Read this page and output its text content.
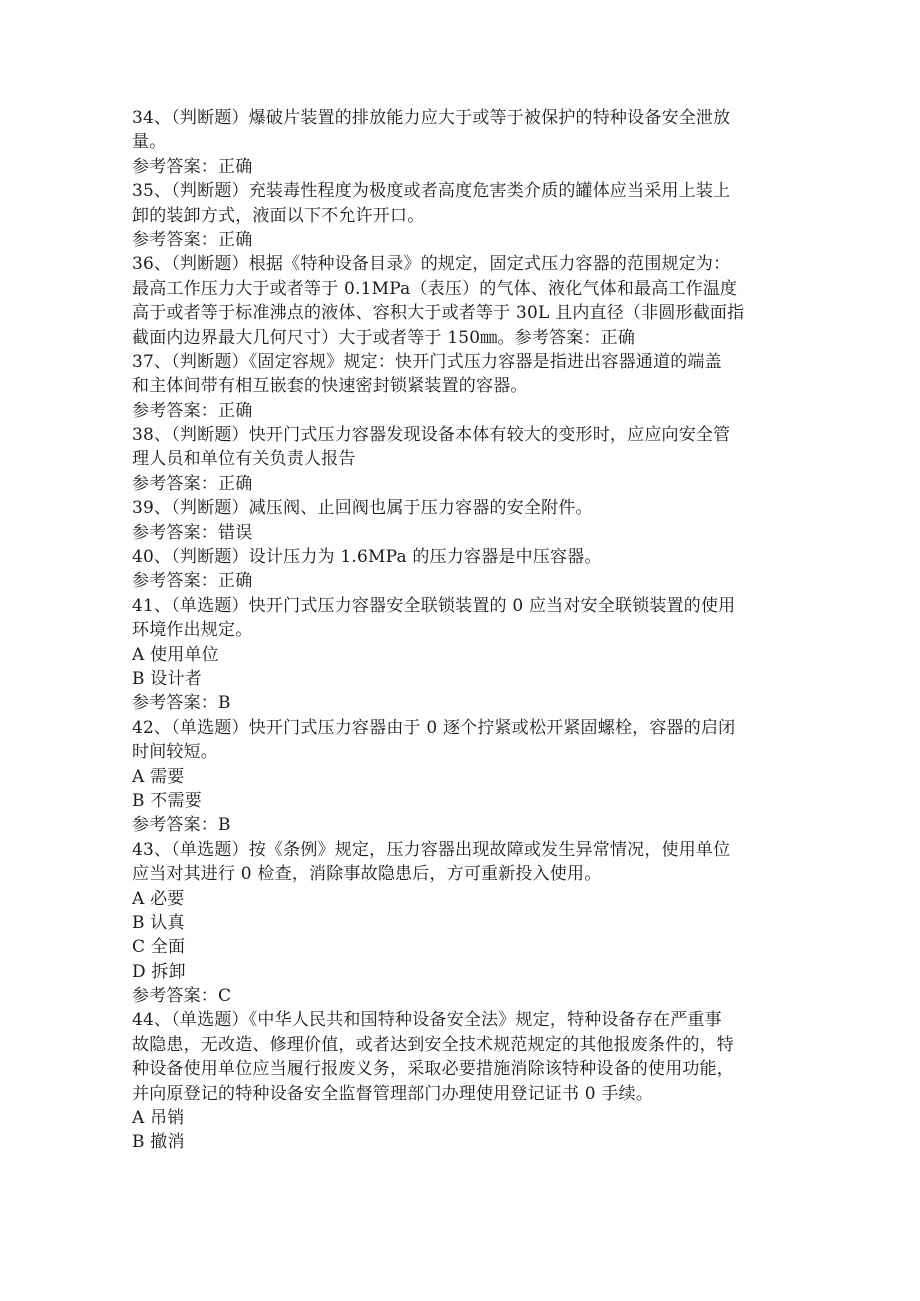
34、（判断题）爆破片装置的排放能力应大于或等于被保护的特种设备安全泄放
量。
参考答案：正确
35、（判断题）充装毒性程度为极度或者高度危害类介质的罐体应当采用上装上
卸的装卸方式，液面以下不允许开口。
参考答案：正确
36、（判断题）根据《特种设备目录》的规定，固定式压力容器的范围规定为：
最高工作压力大于或者等于 0.1MPa（表压）的气体、液化气体和最高工作温度
高于或者等于标准沸点的液体、容积大于或者等于 30L 且内直径（非圆形截面指
截面内边界最大几何尺寸）大于或者等于 150㎜。参考答案：正确
37、（判断题）《固定容规》规定：快开门式压力容器是指进出容器通道的端盖
和主体间带有相互嵌套的快速密封锁紧装置的容器。
参考答案：正确
38、（判断题）快开门式压力容器发现设备本体有较大的变形时，应应向安全管
理人员和单位有关负责人报告
参考答案：正确
39、（判断题）减压阀、止回阀也属于压力容器的安全附件。
参考答案：错误
40、（判断题）设计压力为 1.6MPa 的压力容器是中压容器。
参考答案：正确
41、（单选题）快开门式压力容器安全联锁装置的 0 应当对安全联锁装置的使用
环境作出规定。
A 使用单位
B 设计者
参考答案：B
42、（单选题）快开门式压力容器由于 0 逐个拧紧或松开紧固螺栓，容器的启闭
时间较短。
A 需要
B 不需要
参考答案：B
43、（单选题）按《条例》规定，压力容器出现故障或发生异常情况，使用单位
应当对其进行 0 检查，消除事故隐患后，方可重新投入使用。
A 必要
B 认真
C 全面
D 拆卸
参考答案：C
44、（单选题）《中华人民共和国特种设备安全法》规定，特种设备存在严重事
故隐患，无改造、修理价值，或者达到安全技术规范规定的其他报废条件的，特
种设备使用单位应当履行报废义务，采取必要措施消除该特种设备的使用功能，
并向原登记的特种设备安全监督管理部门办理使用登记证书 0 手续。
A 吊销
B 撤消
